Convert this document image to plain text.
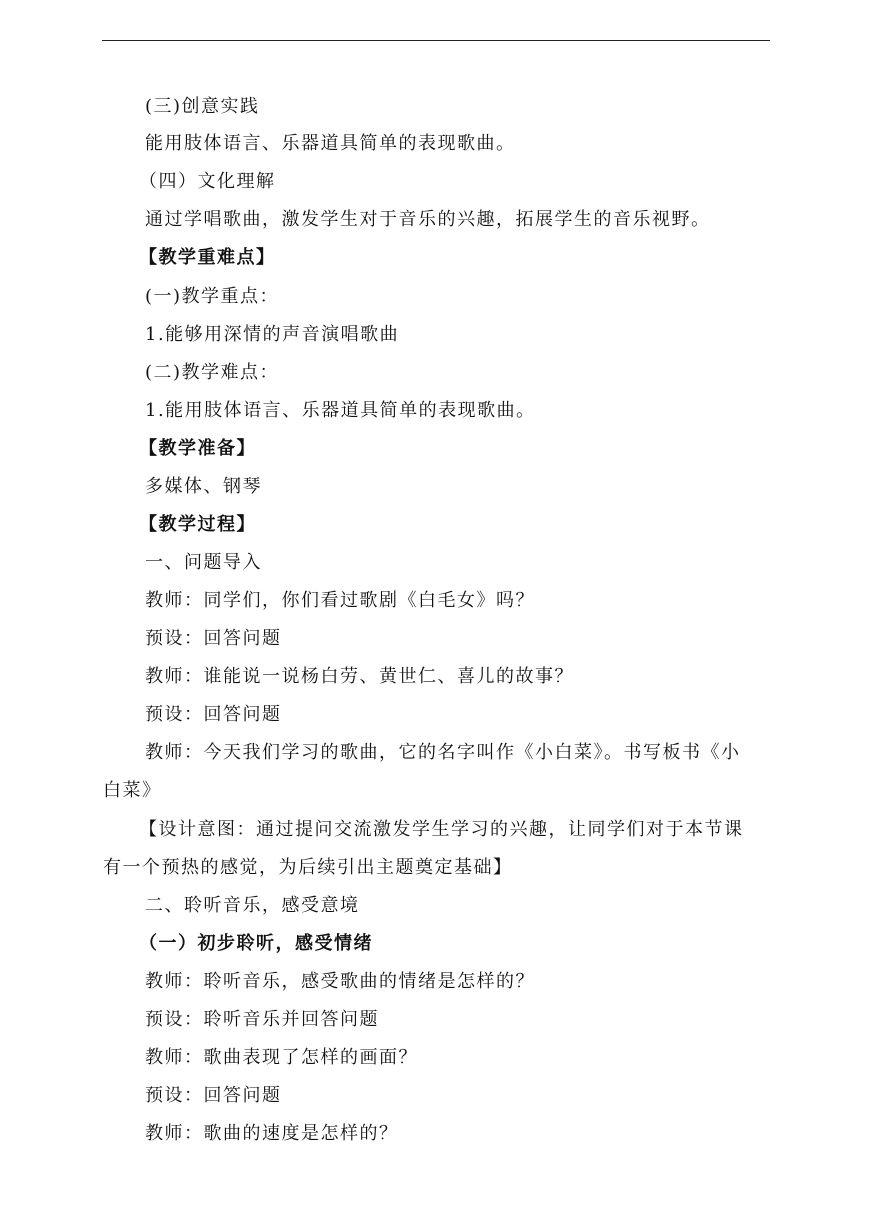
(三)创意实践
能用肢体语言、乐器道具简单的表现歌曲。
（四）文化理解
通过学唱歌曲，激发学生对于音乐的兴趣，拓展学生的音乐视野。
【教学重难点】
(一)教学重点：
1.能够用深情的声音演唱歌曲
(二)教学难点：
1.能用肢体语言、乐器道具简单的表现歌曲。
【教学准备】
多媒体、钢琴
【教学过程】
一、问题导入
教师：同学们，你们看过歌剧《白毛女》吗？
预设：回答问题
教师：谁能说一说杨白劳、黄世仁、喜儿的故事？
预设：回答问题
教师：今天我们学习的歌曲，它的名字叫作《小白菜》。书写板书《小
白菜》
【设计意图：通过提问交流激发学生学习的兴趣，让同学们对于本节课
有一个预热的感觉，为后续引出主题奠定基础】
二、聆听音乐，感受意境
（一）初步聆听，感受情绪
教师：聆听音乐，感受歌曲的情绪是怎样的？
预设：聆听音乐并回答问题
教师：歌曲表现了怎样的画面？
预设：回答问题
教师：歌曲的速度是怎样的？
